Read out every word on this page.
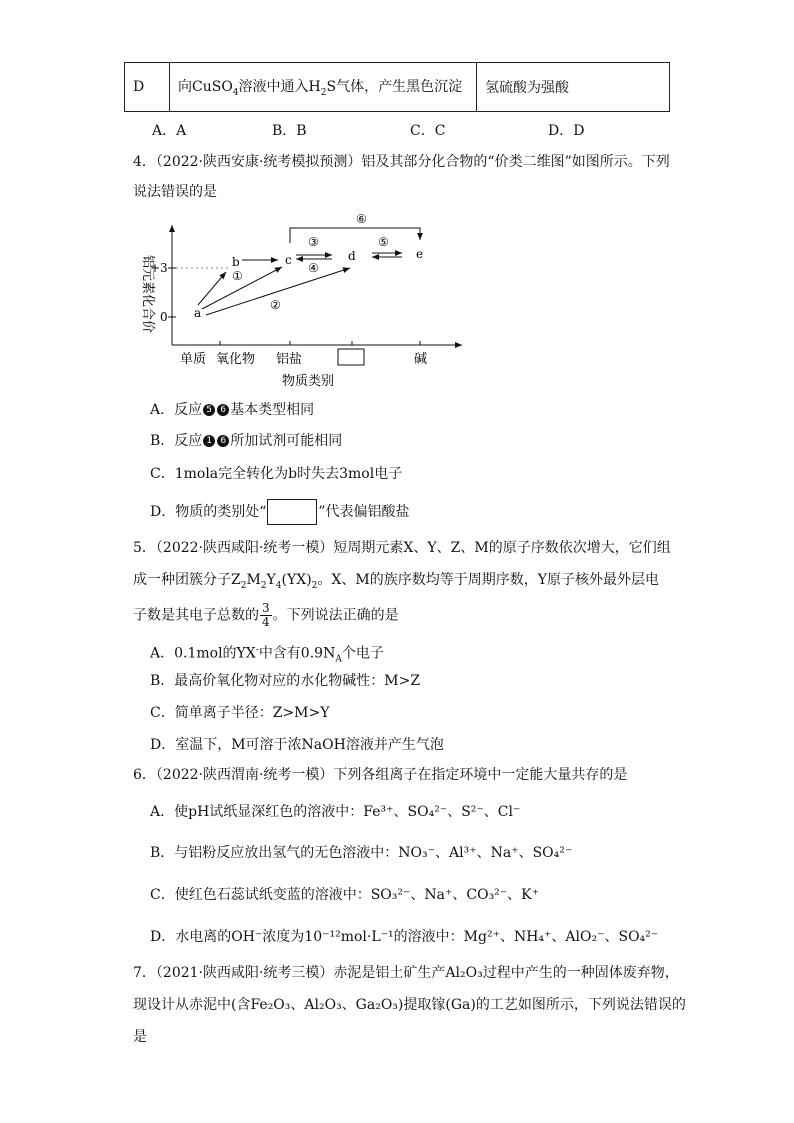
D	向CuSO$_4$溶液中通入$H_2S$气体，产生黑色沉淀	氢硫酸为强酸
A．A	B．B	C．C	D．D
4．（2022·陕西安康·统考模拟预测）铝及其部分化合物的“价类二维图”如图所示。下列
说法错误的是
铝元素化合价
+3
0
单质 氧化物 铝盐	碱
物质类别
a
b	c	d	e
①
②
③
④
⑤
⑥
A．反应 5 6 基本类型相同
B．反应 1 6 所加试剂可能相同
C．1mola完全转化为b时失去3mol电子
D．物质的类别处“	”代表偏铝酸盐
5．（2022·陕西咸阳·统考一模）短周期元素X、Y、Z、M的原子序数依次增大，它们组
成一种团簇分子$Z_2M_2Y_4(YX)_2$。X、M的族序数均等于周期序数，Y原子核外最外层电
子数是其电子总数的 $\frac{3}{4}$ 。下列说法正确的是
A．0.1mol的YX-中含有$0.9N_A$个电子
B．最高价氧化物对应的水化物碱性：M>Z
C．简单离子半径：Z>M>Y
D．室温下，M可溶于浓NaOH溶液并产生气泡
6．（2022·陕西渭南·统考一模）下列各组离子在指定环境中一定能大量共存的是
A．使pH试纸显深红色的溶液中：Fe³⁺、SO₄²⁻、S²⁻、Cl⁻
B．与铝粉反应放出氢气的无色溶液中：NO₃⁻、Al³⁺、Na⁺、SO₄²⁻
C．使红色石蕊试纸变蓝的溶液中：SO₃²⁻、Na⁺、CO₃²⁻、K⁺
D．水电离的OH⁻浓度为10⁻¹²mol·L⁻¹的溶液中：Mg²⁺、NH₄⁺、AlO₂⁻、SO₄²⁻
7．（2021·陕西咸阳·统考三模）赤泥是铝土矿生产Al₂O₃过程中产生的一种固体废弃物，
现设计从赤泥中(含Fe₂O₃、Al₂O₃、Ga₂O₃)提取镓(Ga)的工艺如图所示，下列说法错误的
是
